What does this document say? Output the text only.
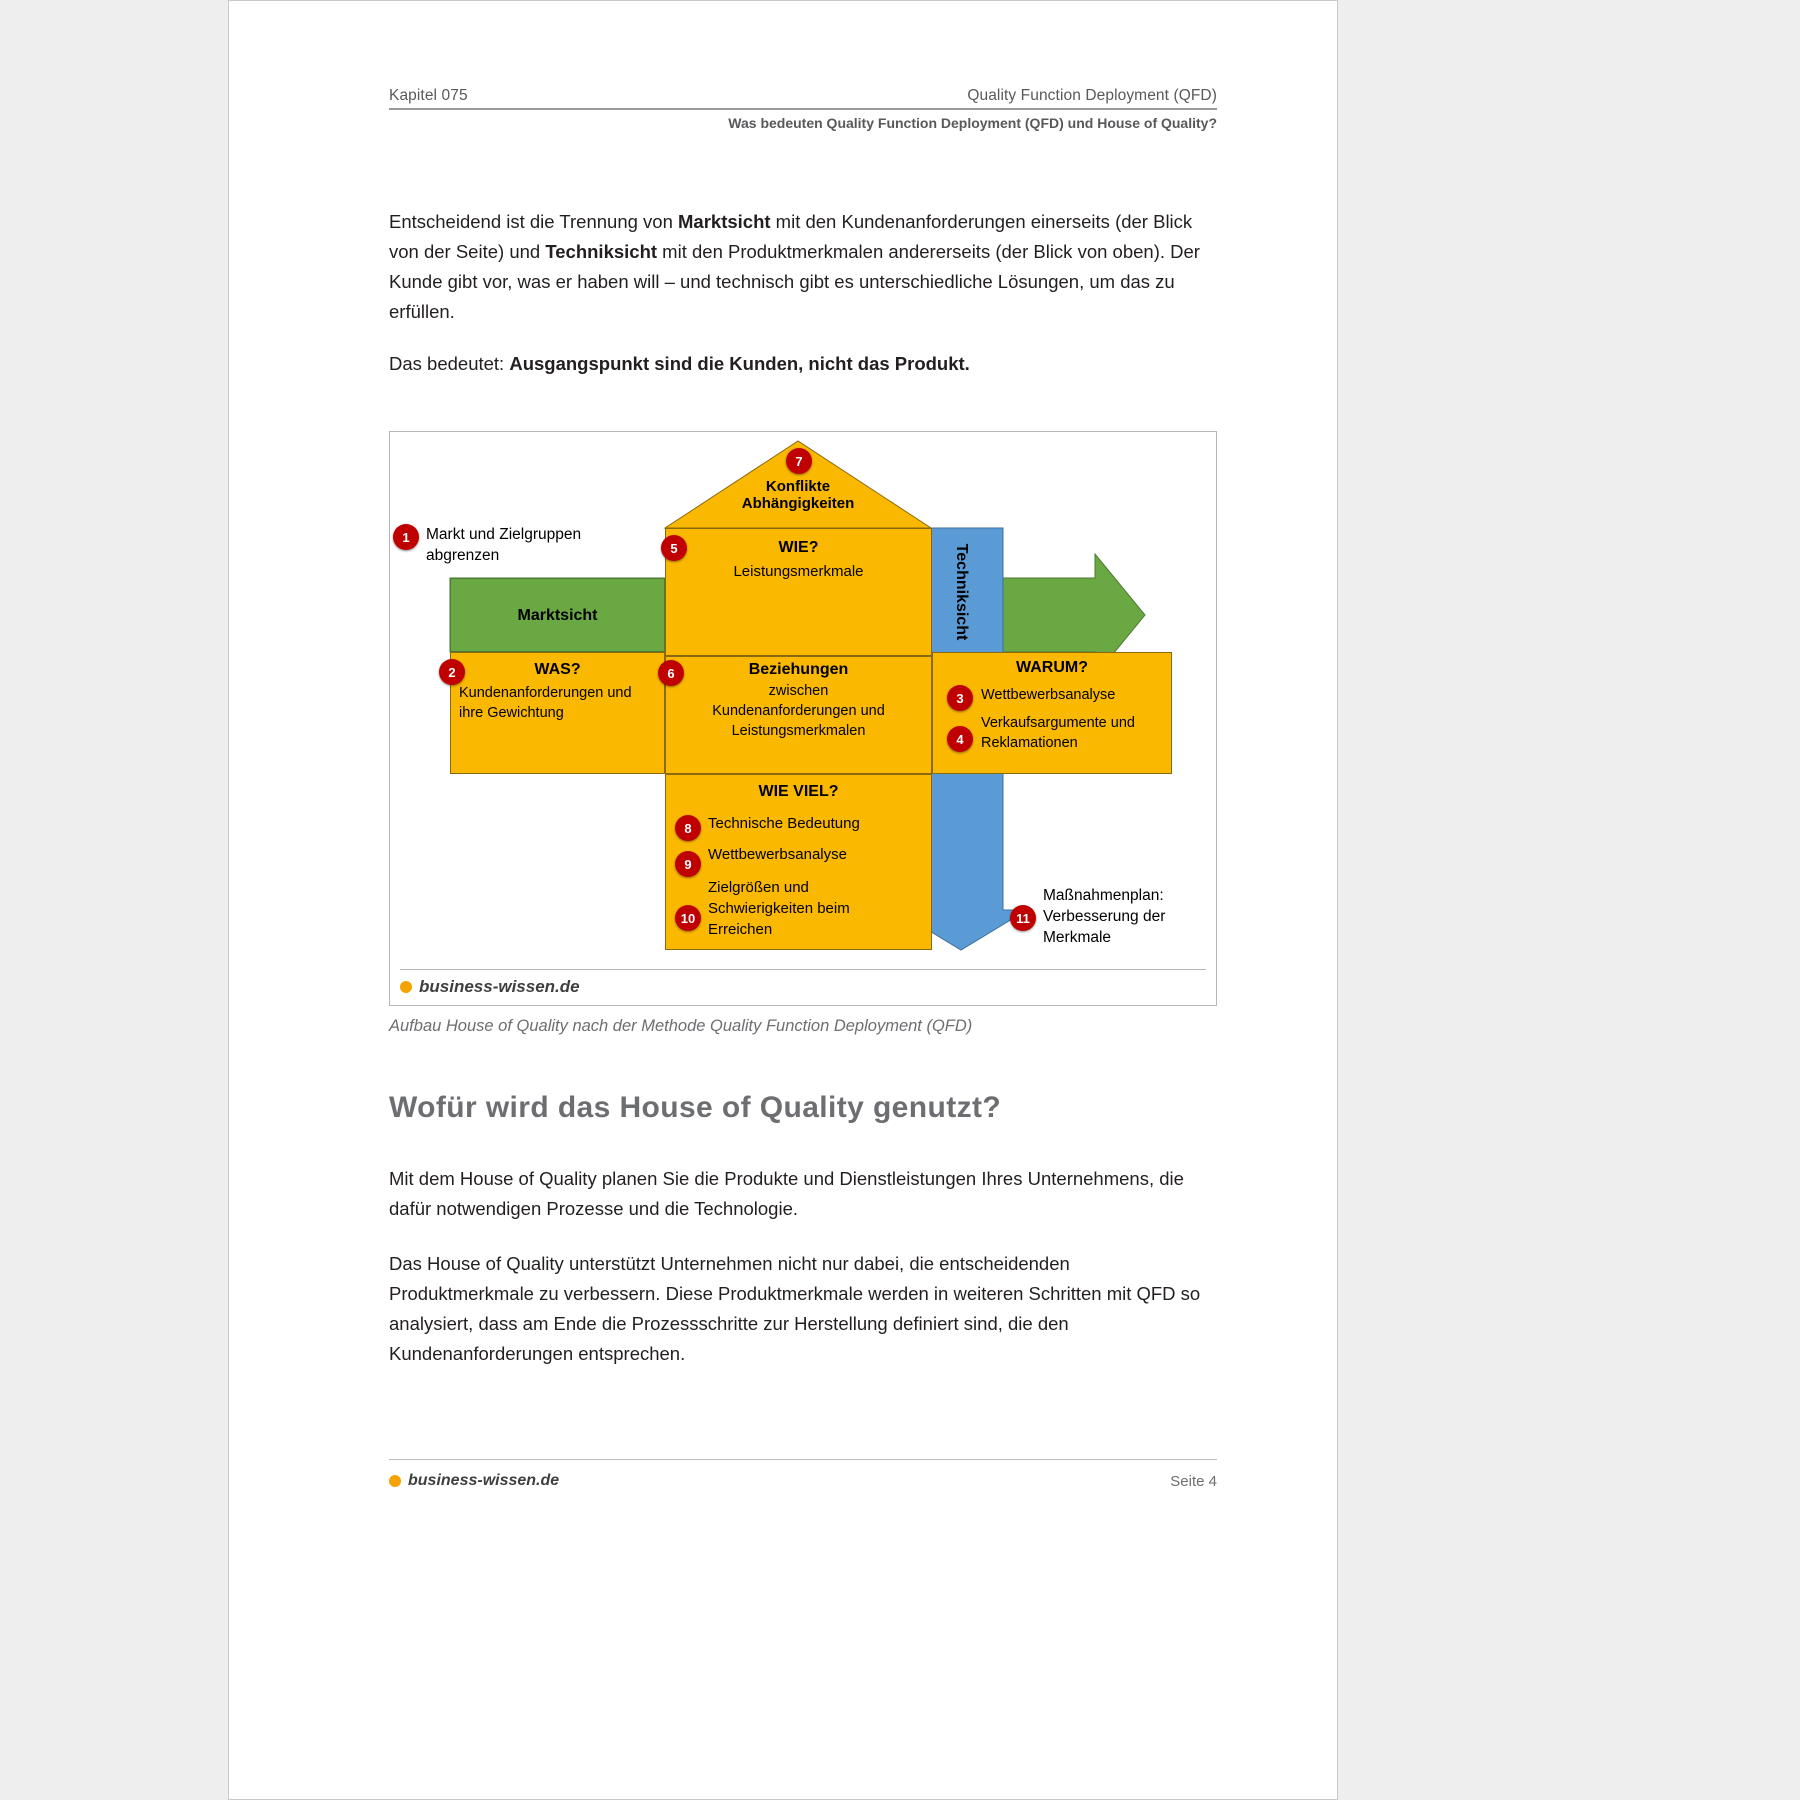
Kapitel 075	Quality Function Deployment (QFD)
Was bedeuten Quality Function Deployment (QFD) und House of Quality?
Entscheidend ist die Trennung von Marktsicht mit den Kundenanforderungen einerseits (der Blick von der Seite) und Techniksicht mit den Produktmerkmalen andererseits (der Blick von oben). Der Kunde gibt vor, was er haben will – und technisch gibt es unterschiedliche Lösungen, um das zu erfüllen.
Das bedeutet: Ausgangspunkt sind die Kunden, nicht das Produkt.
Konflikte
Abhängigkeiten
7
WIE?
Leistungsmerkmale
5
Marktsicht	Techniksicht
Markt und Zielgruppen
abgrenzen
1
WAS?
Kundenanforderungen und
ihre Gewichtung
2	Beziehungen
zwischen
Kundenanforderungen und
Leistungsmerkmalen
6	WARUM?
Wettbewerbsanalyse
Verkaufsargumente und
Reklamationen
3
4
WIE VIEL?
Technische Bedeutung
Wettbewerbsanalyse
Zielgrößen und
Schwierigkeiten beim
Erreichen
8
9
10
Maßnahmenplan:
Verbesserung der
Merkmale
11
business-wissen.de
Aufbau House of Quality nach der Methode Quality Function Deployment (QFD)
Wofür wird das House of Quality genutzt?
Mit dem House of Quality planen Sie die Produkte und Dienstleistungen Ihres Unternehmens, die dafür notwendigen Prozesse und die Technologie.
Das House of Quality unterstützt Unternehmen nicht nur dabei, die entscheidenden Produktmerkmale zu verbessern. Diese Produktmerkmale werden in weiteren Schritten mit QFD so analysiert, dass am Ende die Prozessschritte zur Herstellung definiert sind, die den Kundenanforderungen entsprechen.
business-wissen.de	Seite 4
